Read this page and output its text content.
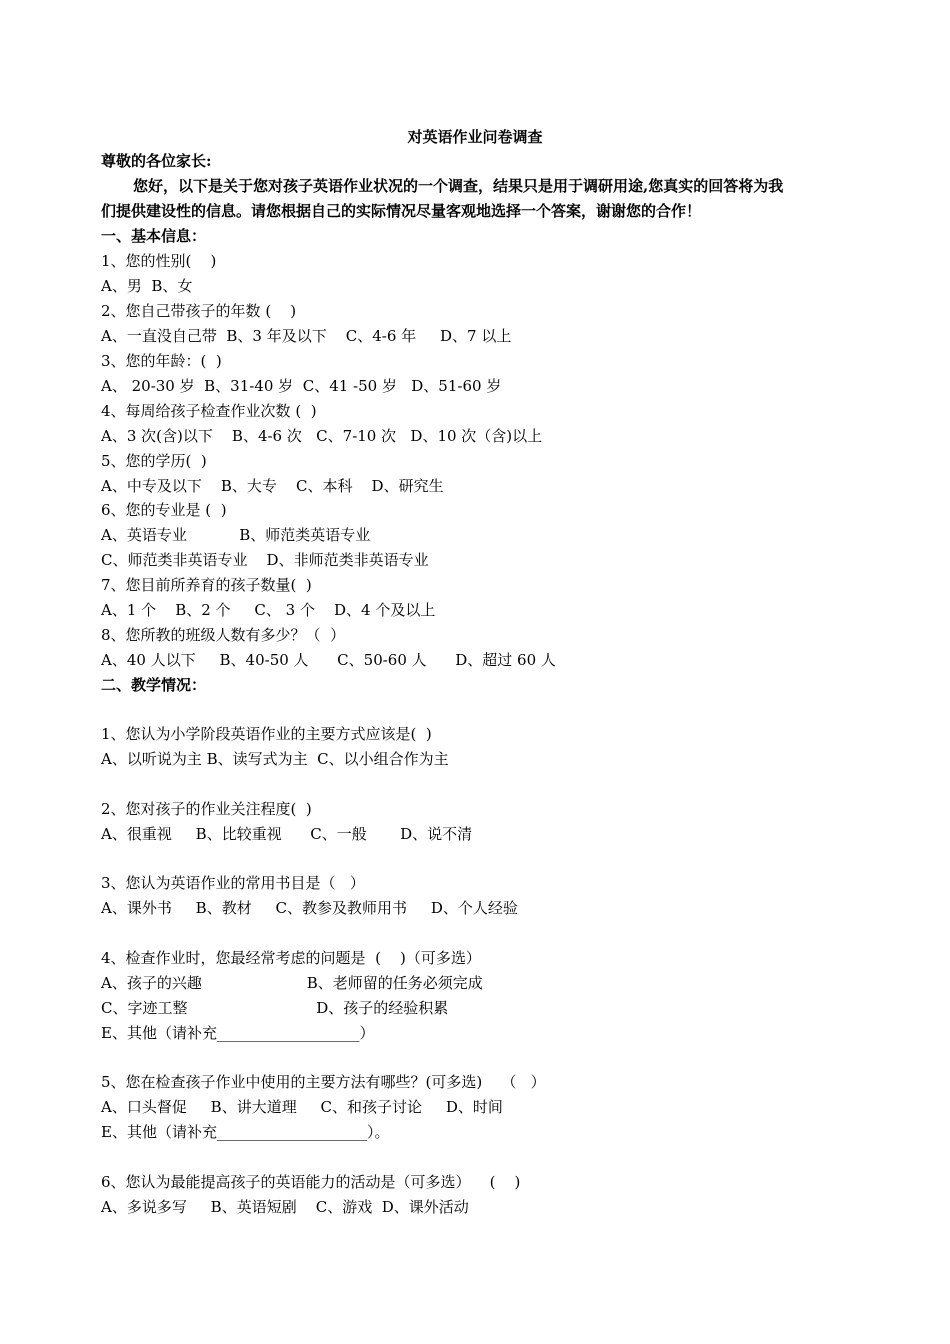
对英语作业问卷调查
尊敬的各位家长:
您好，以下是关于您对孩子英语作业状况的一个调查，结果只是用于调研用途,您真实的回答将为我
们提供建设性的信息。请您根据自己的实际情况尽量客观地选择一个答案，谢谢您的合作！
一、基本信息：
1、您的性别(    )
A、男  B、女
2、您自己带孩子的年数 (    )
A、一直没自己带  B、3 年及以下    C、4-6 年     D、7 以上
3、您的年龄：(  )
A、 20-30 岁  B、31-40 岁  C、41 -50 岁   D、51-60 岁
4、每周给孩子检查作业次数 (  )
A、3 次(含)以下    B、4-6 次   C、7-10 次   D、10 次（含)以上
5、您的学历(  )
A、中专及以下    B、大专    C、本科    D、研究生
6、您的专业是 (  )
A、英语专业           B、师范类英语专业
C、师范类非英语专业    D、非师范类非英语专业
7、您目前所养育的孩子数量(  )
A、1 个    B、2 个     C、 3 个    D、4 个及以上
8、您所教的班级人数有多少？（  ）
A、40 人以下     B、40-50 人      C、50-60 人      D、超过 60 人
二、教学情况：
1、您认为小学阶段英语作业的主要方式应该是(  )
A、以听说为主 B、读写式为主  C、以小组合作为主
2、您对孩子的作业关注程度(  )
A、很重视     B、比较重视      C、一般       D、说不清
3、您认为英语作业的常用书目是（   ）
A、课外书     B、教材     C、教参及教师用书     D、个人经验
4、检查作业时，您最经常考虑的问题是  (    )（可多选）
A、孩子的兴趣                      B、老师留的任务必须完成
C、字迹工整                           D、孩子的经验积累
E、其他（请补充___________________）
5、您在检查孩子作业中使用的主要方法有哪些？(可多选)    （   ）
A、口头督促     B、讲大道理     C、和孩子讨论     D、时间
E、其他（请补充____________________）。
6、您认为最能提高孩子的英语能力的活动是（可多选）    (    )
A、多说多写     B、英语短剧    C、游戏  D、课外活动
